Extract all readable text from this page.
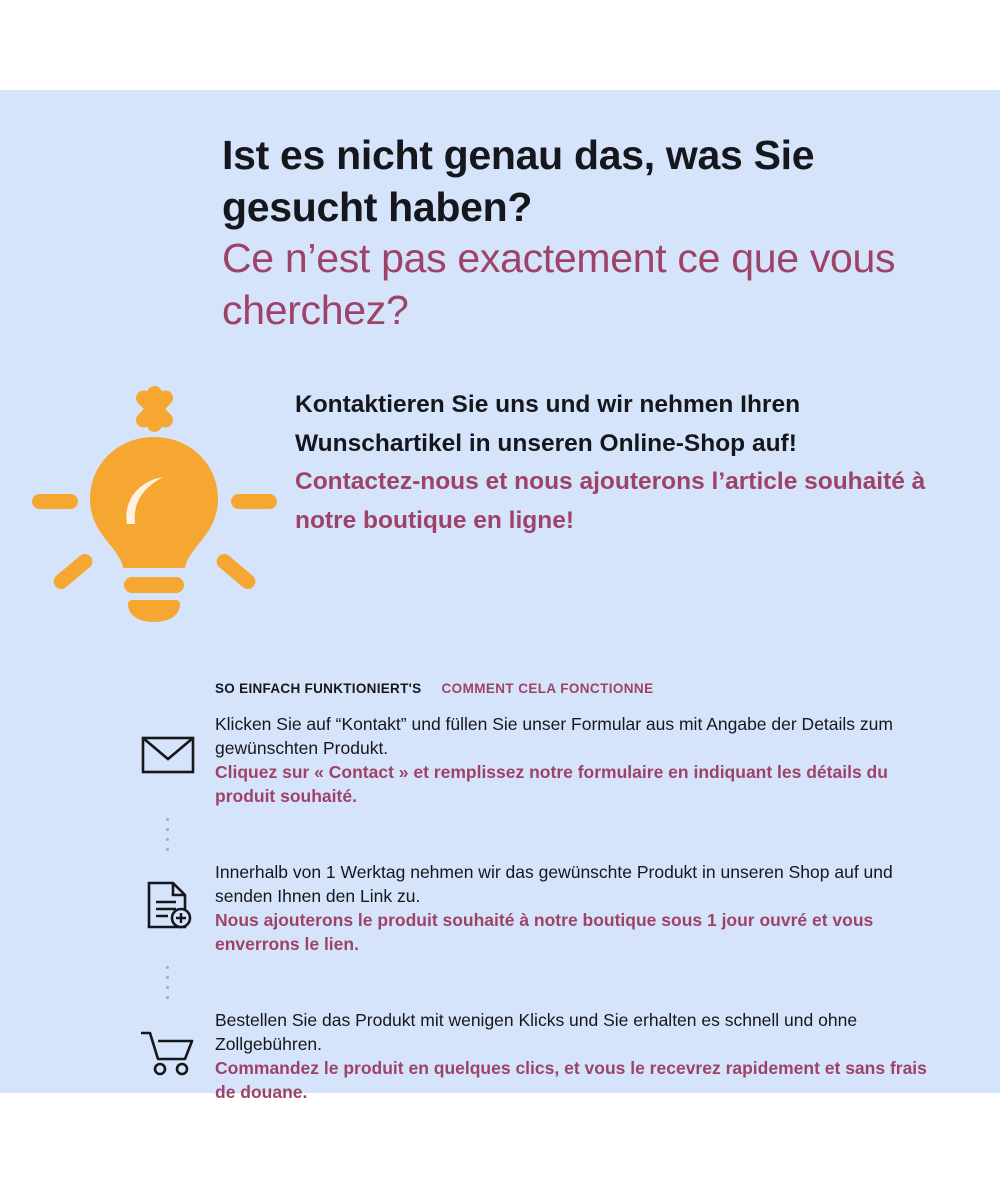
Ist es nicht genau das, was Sie gesucht haben?

Ce n’est pas exactement ce que vous cherchez?

Kontaktieren Sie uns und wir nehmen Ihren Wunschartikel in unseren Online-Shop auf!

Contactez-nous et nous ajouterons l’article souhaité à notre boutique en ligne!

SO EINFACH FUNKTIONIERT'S COMMENT CELA FONCTIONNE

Klicken Sie auf “Kontakt” und füllen Sie unser Formular aus mit Angabe der Details zum gewünschten Produkt.

Cliquez sur « Contact » et remplissez notre formulaire en indiquant les détails du produit souhaité.

Innerhalb von 1 Werktag nehmen wir das gewünschte Produkt in unseren Shop auf und senden Ihnen den Link zu.

Nous ajouterons le produit souhaité à notre boutique sous 1 jour ouvré et vous enverrons le lien.

Bestellen Sie das Produkt mit wenigen Klicks und Sie erhalten es schnell und ohne Zollgebühren.

Commandez le produit en quelques clics, et vous le recevrez rapidement et sans frais de douane.
